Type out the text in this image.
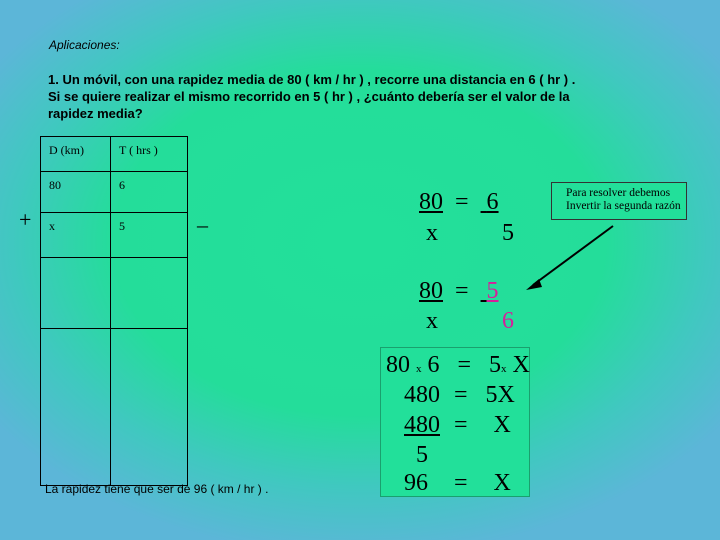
Aplicaciones:
1. Un móvil, con una rapidez media de 80 ( km / hr ) , recorre una distancia en 6 ( hr ) .
Si se quiere realizar el mismo recorrido en 5 ( hr ) , ¿cuánto debería ser el valor de la
rapidez media?
D (km)	T ( hrs )
80	6
x	5

+	–
80 = 6
x	5
80 = 5
x	6
80 x 6 = 5x X
480 = 5X
480 = X
5
96 = X
Para resolver debemos
Invertir la segunda razón
La rapidez tiene que ser de 96 ( km / hr ) .
